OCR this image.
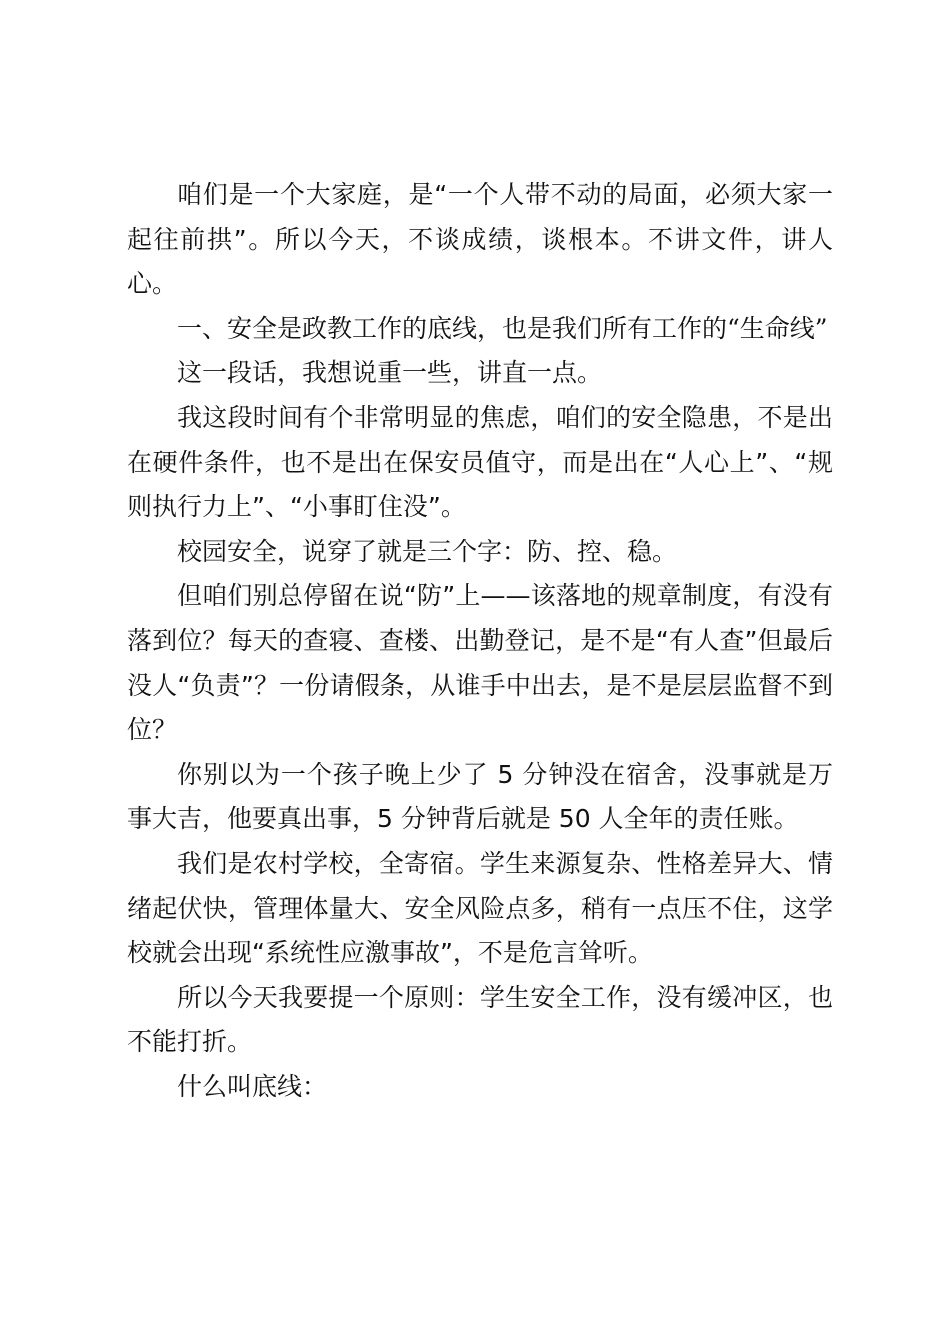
咱们是一个大家庭，是“一个人带不动的局面，必须大家一起往前拱”。所以今天，不谈成绩，谈根本。不讲文件，讲人心。

一、安全是政教工作的底线，也是我们所有工作的“生命线”

这一段话，我想说重一些，讲直一点。

我这段时间有个非常明显的焦虑，咱们的安全隐患，不是出在硬件条件，也不是出在保安员值守，而是出在“人心上”、“规则执行力上”、“小事盯住没”。

校园安全，说穿了就是三个字：防、控、稳。

但咱们别总停留在说“防”上——该落地的规章制度，有没有落到位？每天的查寝、查楼、出勤登记，是不是“有人查”但最后没人“负责”？一份请假条，从谁手中出去，是不是层层监督不到位？

你别以为一个孩子晚上少了 5 分钟没在宿舍，没事就是万事大吉，他要真出事，5 分钟背后就是 50 人全年的责任账。

我们是农村学校，全寄宿。学生来源复杂、性格差异大、情绪起伏快，管理体量大、安全风险点多，稍有一点压不住，这学校就会出现“系统性应激事故”，不是危言耸听。

所以今天我要提一个原则：学生安全工作，没有缓冲区，也不能打折。

什么叫底线：
